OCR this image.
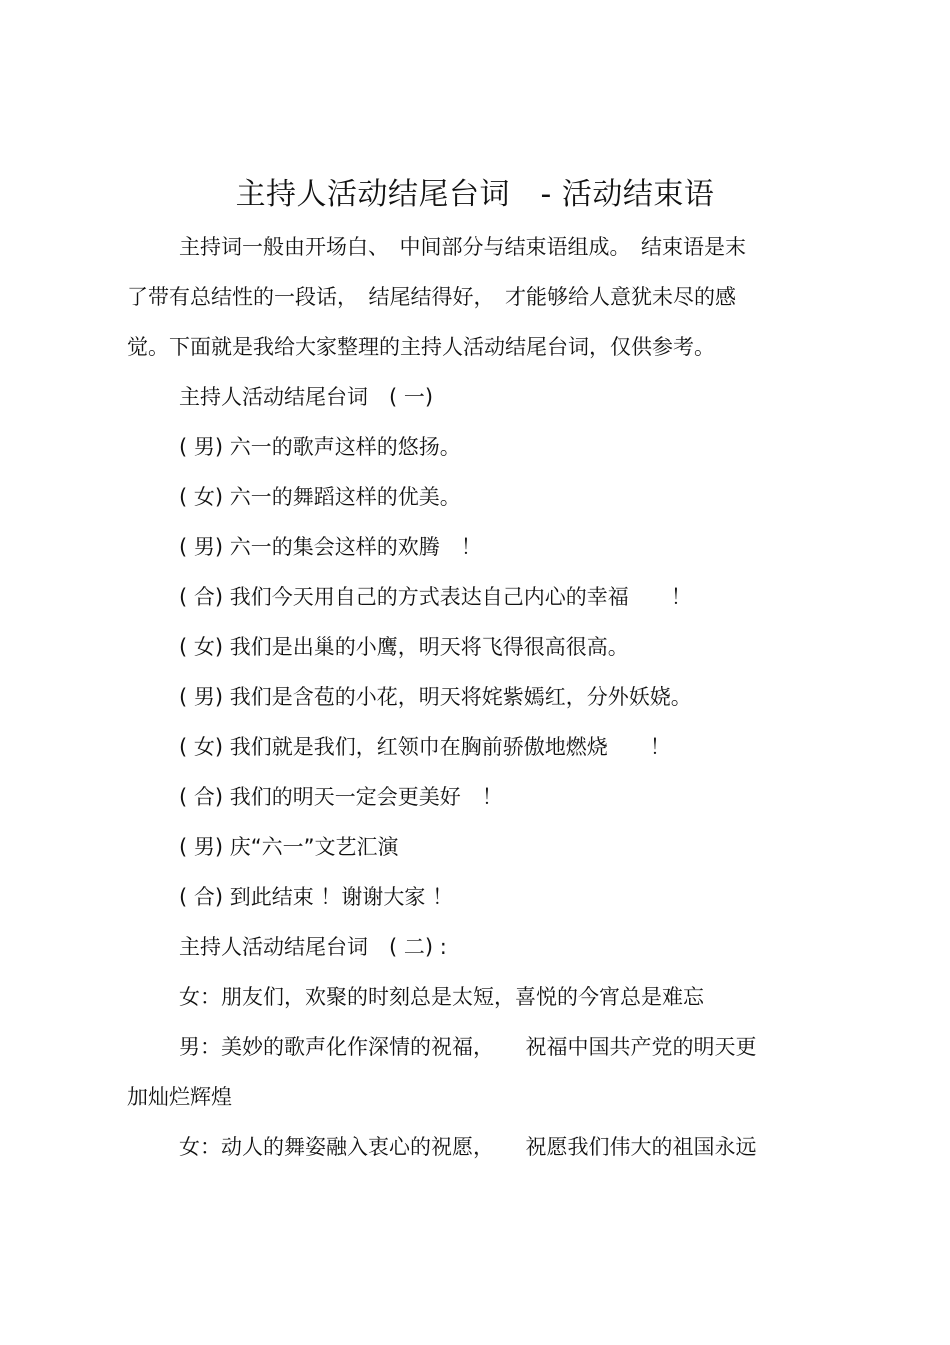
主持人活动结尾台词　- 活动结束语

主持词一般由开场白、　中间部分与结束语组成。　结束语是末

了带有总结性的一段话，　结尾结得好，　才能够给人意犹未尽的感

觉。下面就是我给大家整理的主持人活动结尾台词，仅供参考。

主持人活动结尾台词　( 一)

( 男) 六一的歌声这样的悠扬。

( 女) 六一的舞蹈这样的优美。

( 男) 六一的集会这样的欢腾　！

( 合) 我们今天用自己的方式表达自己内心的幸福　　！

( 女) 我们是出巢的小鹰，明天将飞得很高很高。

( 男) 我们是含苞的小花，明天将姹紫嫣红，分外妖娆。

( 女) 我们就是我们，红领巾在胸前骄傲地燃烧　　！

( 合) 我们的明天一定会更美好　！

( 男) 庆“六一”文艺汇演

( 合) 到此结束 ！谢谢大家 ！

主持人活动结尾台词　( 二) :

女：朋友们，欢聚的时刻总是太短，喜悦的今宵总是难忘

男：美妙的歌声化作深情的祝福，　　祝福中国共产党的明天更

加灿烂辉煌

女：动人的舞姿融入衷心的祝愿，　　祝愿我们伟大的祖国永远
